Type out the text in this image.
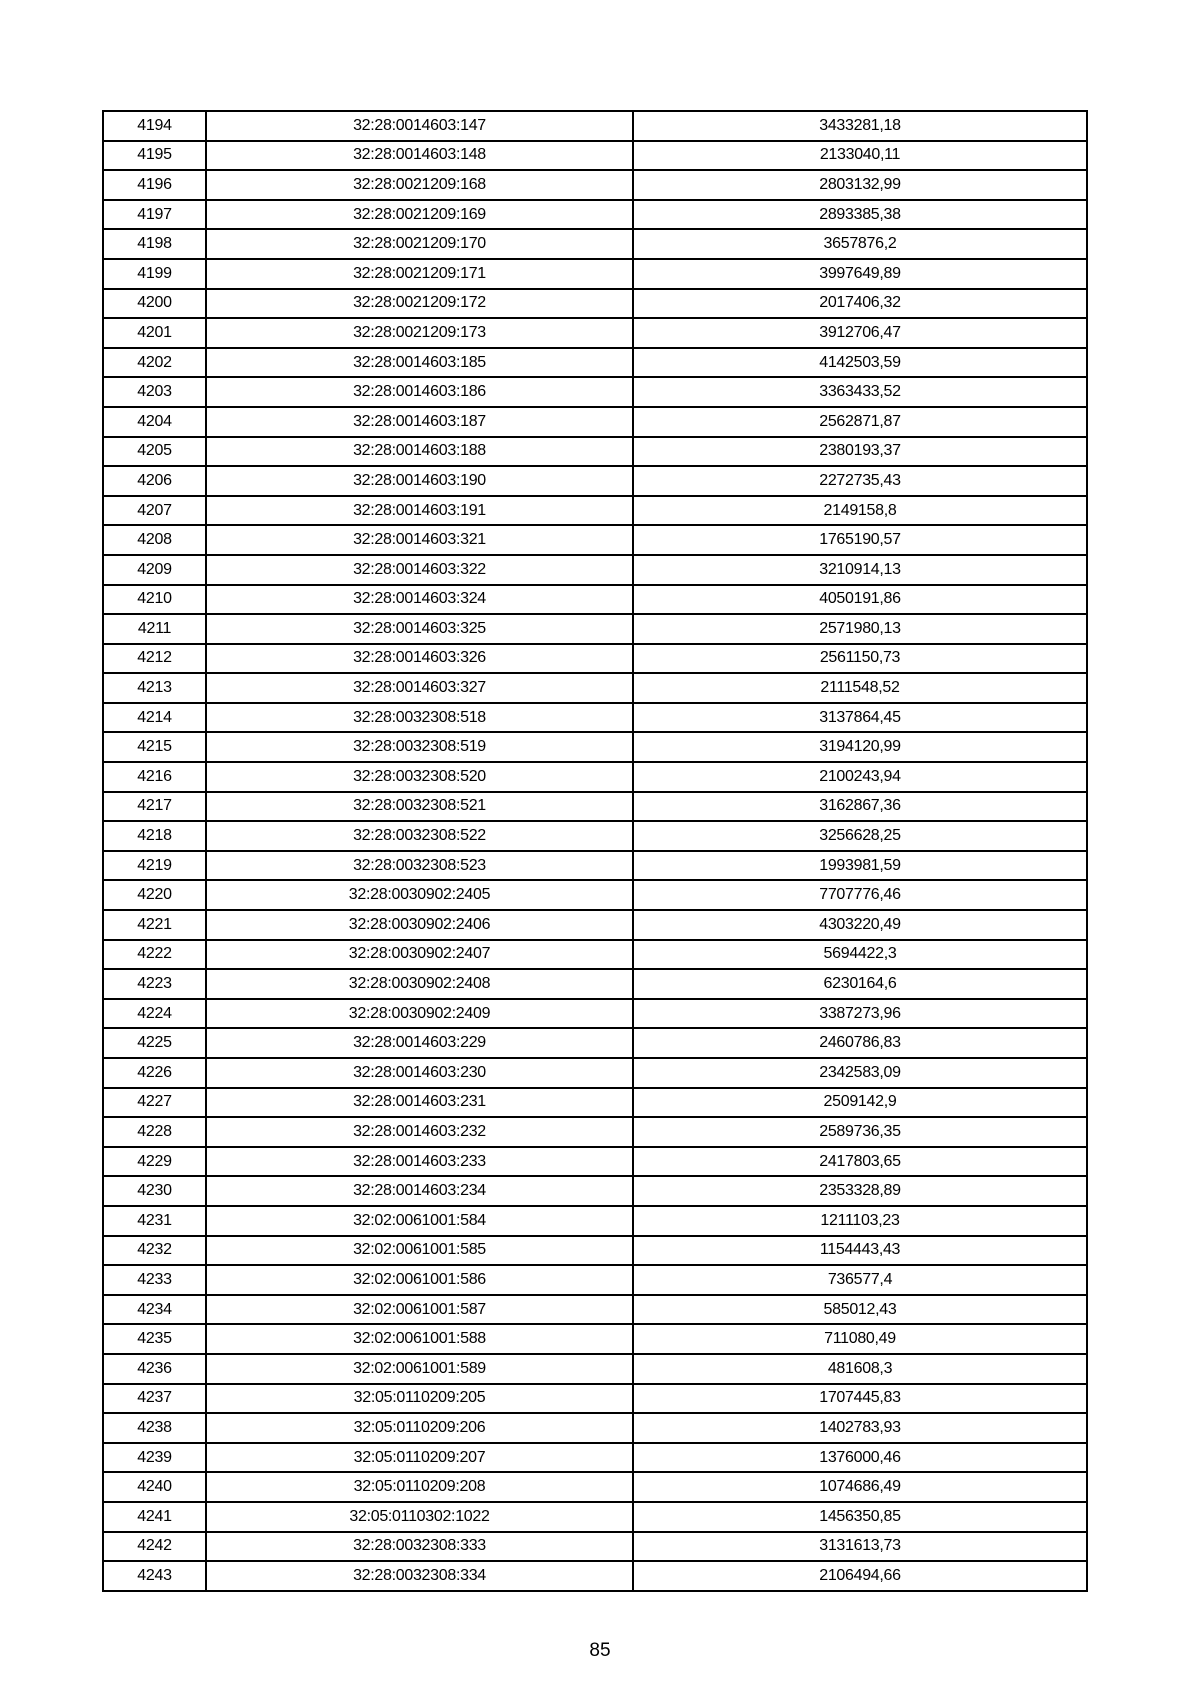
4194	32:28:0014603:147	3433281,18
4195	32:28:0014603:148	2133040,11
4196	32:28:0021209:168	2803132,99
4197	32:28:0021209:169	2893385,38
4198	32:28:0021209:170	3657876,2
4199	32:28:0021209:171	3997649,89
4200	32:28:0021209:172	2017406,32
4201	32:28:0021209:173	3912706,47
4202	32:28:0014603:185	4142503,59
4203	32:28:0014603:186	3363433,52
4204	32:28:0014603:187	2562871,87
4205	32:28:0014603:188	2380193,37
4206	32:28:0014603:190	2272735,43
4207	32:28:0014603:191	2149158,8
4208	32:28:0014603:321	1765190,57
4209	32:28:0014603:322	3210914,13
4210	32:28:0014603:324	4050191,86
4211	32:28:0014603:325	2571980,13
4212	32:28:0014603:326	2561150,73
4213	32:28:0014603:327	2111548,52
4214	32:28:0032308:518	3137864,45
4215	32:28:0032308:519	3194120,99
4216	32:28:0032308:520	2100243,94
4217	32:28:0032308:521	3162867,36
4218	32:28:0032308:522	3256628,25
4219	32:28:0032308:523	1993981,59
4220	32:28:0030902:2405	7707776,46
4221	32:28:0030902:2406	4303220,49
4222	32:28:0030902:2407	5694422,3
4223	32:28:0030902:2408	6230164,6
4224	32:28:0030902:2409	3387273,96
4225	32:28:0014603:229	2460786,83
4226	32:28:0014603:230	2342583,09
4227	32:28:0014603:231	2509142,9
4228	32:28:0014603:232	2589736,35
4229	32:28:0014603:233	2417803,65
4230	32:28:0014603:234	2353328,89
4231	32:02:0061001:584	1211103,23
4232	32:02:0061001:585	1154443,43
4233	32:02:0061001:586	736577,4
4234	32:02:0061001:587	585012,43
4235	32:02:0061001:588	711080,49
4236	32:02:0061001:589	481608,3
4237	32:05:0110209:205	1707445,83
4238	32:05:0110209:206	1402783,93
4239	32:05:0110209:207	1376000,46
4240	32:05:0110209:208	1074686,49
4241	32:05:0110302:1022	1456350,85
4242	32:28:0032308:333	3131613,73
4243	32:28:0032308:334	2106494,66
85
